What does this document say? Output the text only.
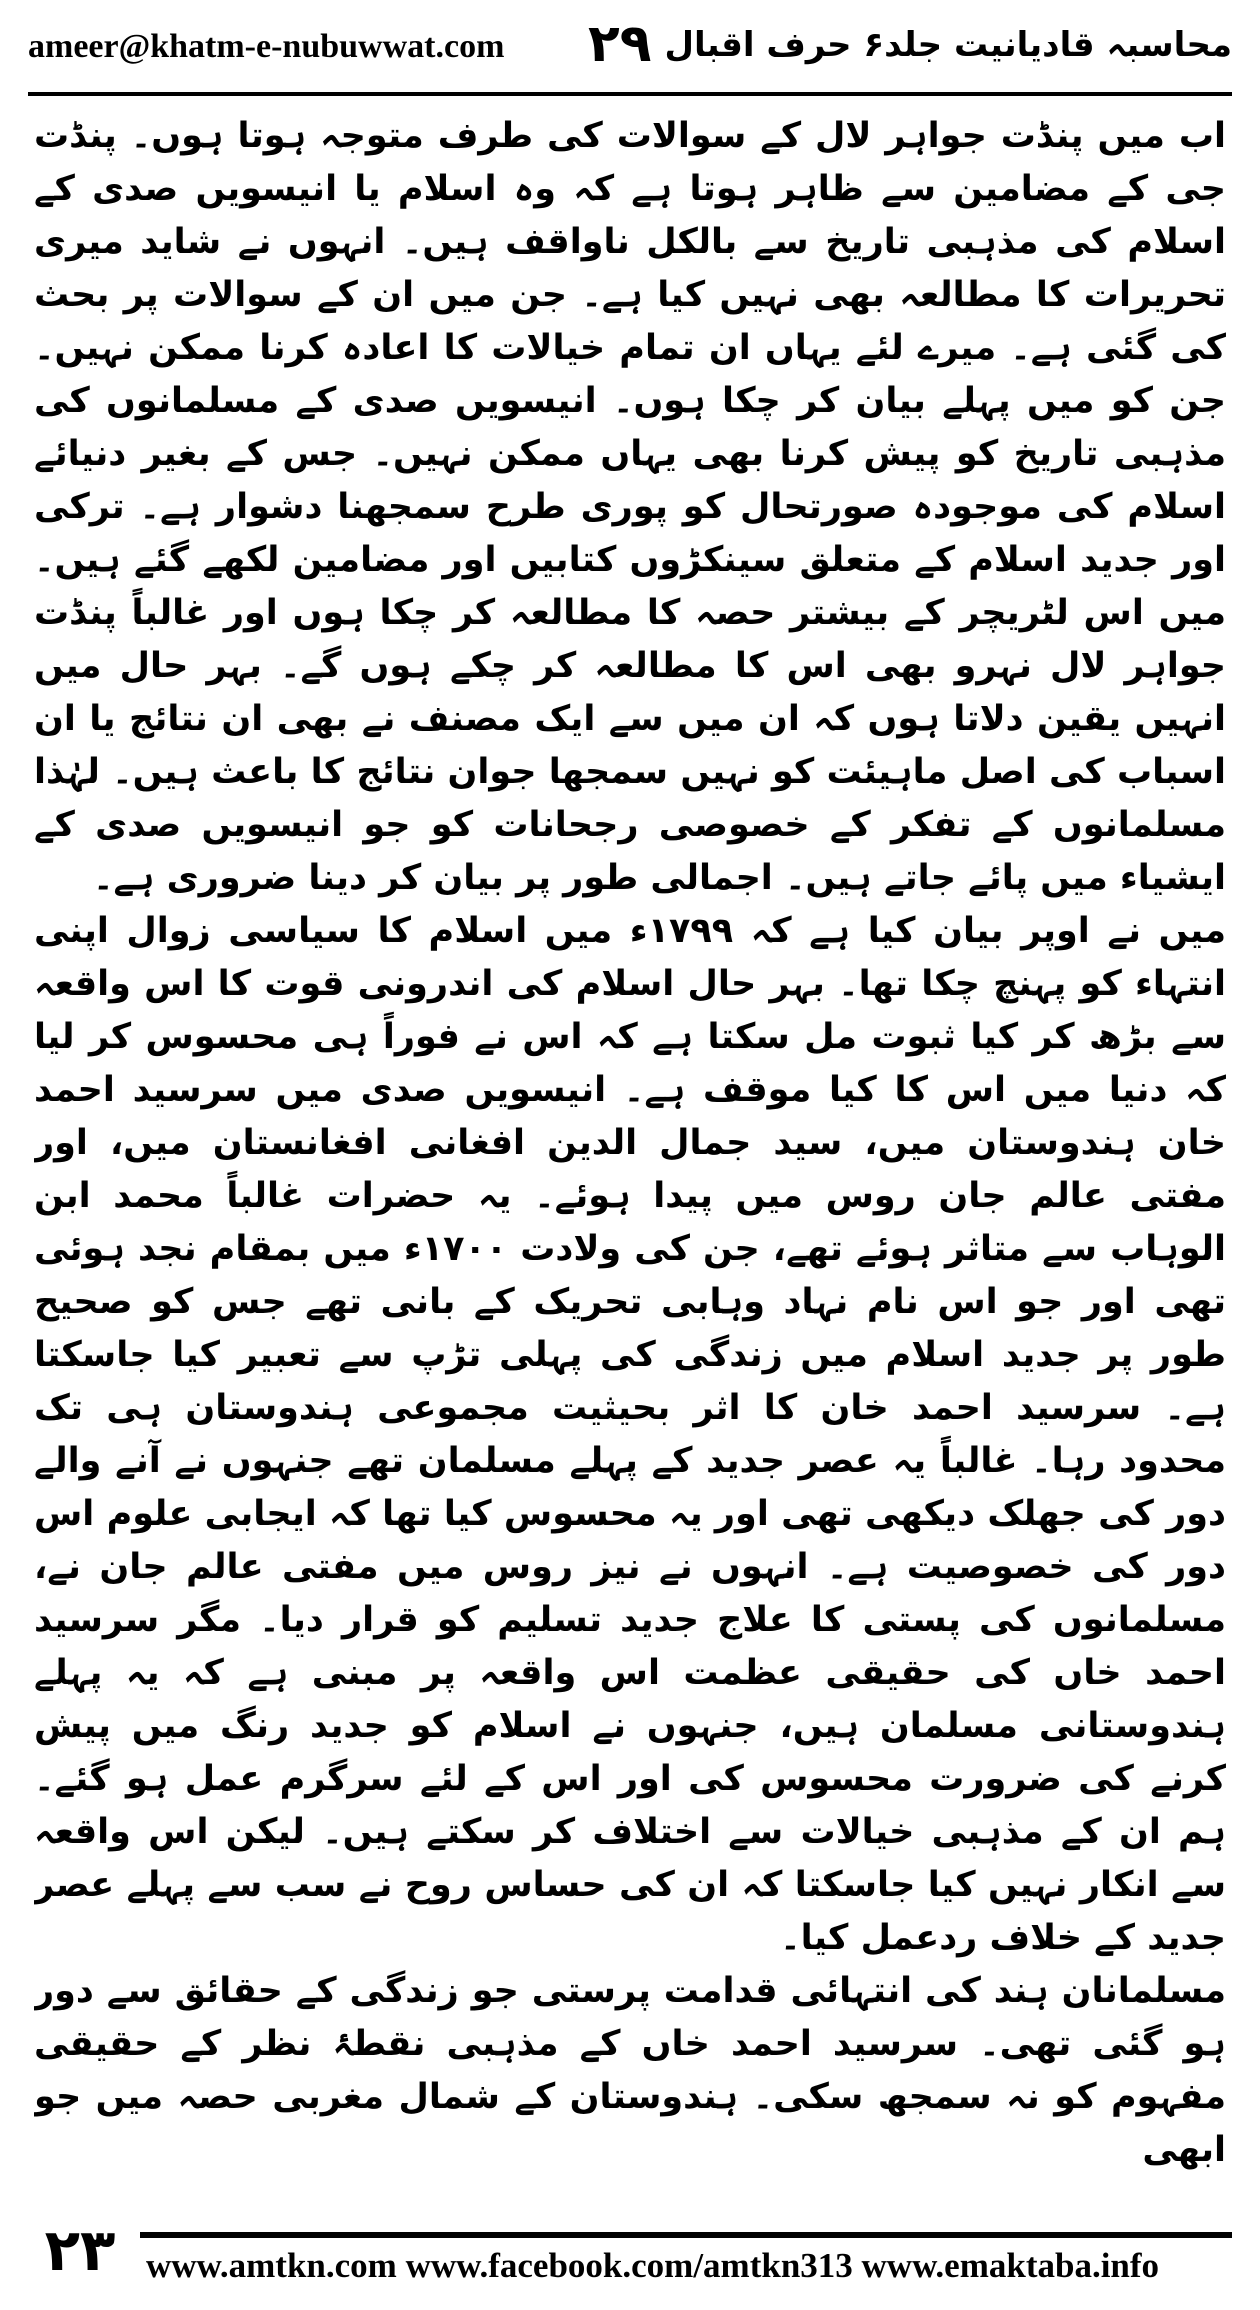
ameer@khatm-e-nubuwwat.com ۲۹ محاسبہ قادیانیت جلد۶ حرف اقبال

اب میں پنڈت جواہر لال کے سوالات کی طرف متوجہ ہوتا ہوں۔ پنڈت جی کے مضامین سے ظاہر ہوتا ہے کہ وہ اسلام یا انیسویں صدی کے اسلام کی مذہبی تاریخ سے بالکل ناواقف ہیں۔ انہوں نے شاید میری تحریرات کا مطالعہ بھی نہیں کیا ہے۔ جن میں ان کے سوالات پر بحث کی گئی ہے۔ میرے لئے یہاں ان تمام خیالات کا اعادہ کرنا ممکن نہیں۔ جن کو میں پہلے بیان کر چکا ہوں۔ انیسویں صدی کے مسلمانوں کی مذہبی تاریخ کو پیش کرنا بھی یہاں ممکن نہیں۔ جس کے بغیر دنیائے اسلام کی موجودہ صورتحال کو پوری طرح سمجھنا دشوار ہے۔ ترکی اور جدید اسلام کے متعلق سینکڑوں کتابیں اور مضامین لکھے گئے ہیں۔ میں اس لٹریچر کے بیشتر حصہ کا مطالعہ کر چکا ہوں اور غالباً پنڈت جواہر لال نہرو بھی اس کا مطالعہ کر چکے ہوں گے۔ بہر حال میں انہیں یقین دلاتا ہوں کہ ان میں سے ایک مصنف نے بھی ان نتائج یا ان اسباب کی اصل ماہیئت کو نہیں سمجھا جوان نتائج کا باعث ہیں۔ لہٰذا مسلمانوں کے تفکر کے خصوصی رجحانات کو جو انیسویں صدی کے ایشیاء میں پائے جاتے ہیں۔ اجمالی طور پر بیان کر دینا ضروری ہے۔

میں نے اوپر بیان کیا ہے کہ ۱۷۹۹ء میں اسلام کا سیاسی زوال اپنی انتہاء کو پہنچ چکا تھا۔ بہر حال اسلام کی اندرونی قوت کا اس واقعہ سے بڑھ کر کیا ثبوت مل سکتا ہے کہ اس نے فوراً ہی محسوس کر لیا کہ دنیا میں اس کا کیا موقف ہے۔ انیسویں صدی میں سرسید احمد خان ہندوستان میں، سید جمال الدین افغانی افغانستان میں، اور مفتی عالم جان روس میں پیدا ہوئے۔ یہ حضرات غالباً محمد ابن الوہاب سے متاثر ہوئے تھے، جن کی ولادت ۱۷۰۰ء میں بمقام نجد ہوئی تھی اور جو اس نام نہاد وہابی تحریک کے بانی تھے جس کو صحیح طور پر جدید اسلام میں زندگی کی پہلی تڑپ سے تعبیر کیا جاسکتا ہے۔ سرسید احمد خان کا اثر بحیثیت مجموعی ہندوستان ہی تک محدود رہا۔ غالباً یہ عصر جدید کے پہلے مسلمان تھے جنہوں نے آنے والے دور کی جھلک دیکھی تھی اور یہ محسوس کیا تھا کہ ایجابی علوم اس دور کی خصوصیت ہے۔ انہوں نے نیز روس میں مفتی عالم جان نے، مسلمانوں کی پستی کا علاج جدید تسلیم کو قرار دیا۔ مگر سرسید احمد خاں کی حقیقی عظمت اس واقعہ پر مبنی ہے کہ یہ پہلے ہندوستانی مسلمان ہیں، جنہوں نے اسلام کو جدید رنگ میں پیش کرنے کی ضرورت محسوس کی اور اس کے لئے سرگرم عمل ہو گئے۔ ہم ان کے مذہبی خیالات سے اختلاف کر سکتے ہیں۔ لیکن اس واقعہ سے انکار نہیں کیا جاسکتا کہ ان کی حساس روح نے سب سے پہلے عصر جدید کے خلاف ردعمل کیا۔

مسلمانان ہند کی انتہائی قدامت پرستی جو زندگی کے حقائق سے دور ہو گئی تھی۔ سرسید احمد خاں کے مذہبی نقطۂ نظر کے حقیقی مفہوم کو نہ سمجھ سکی۔ ہندوستان کے شمال مغربی حصہ میں جو ابھی

۲۳ www.amtkn.com www.facebook.com/amtkn313 www.emaktaba.info
